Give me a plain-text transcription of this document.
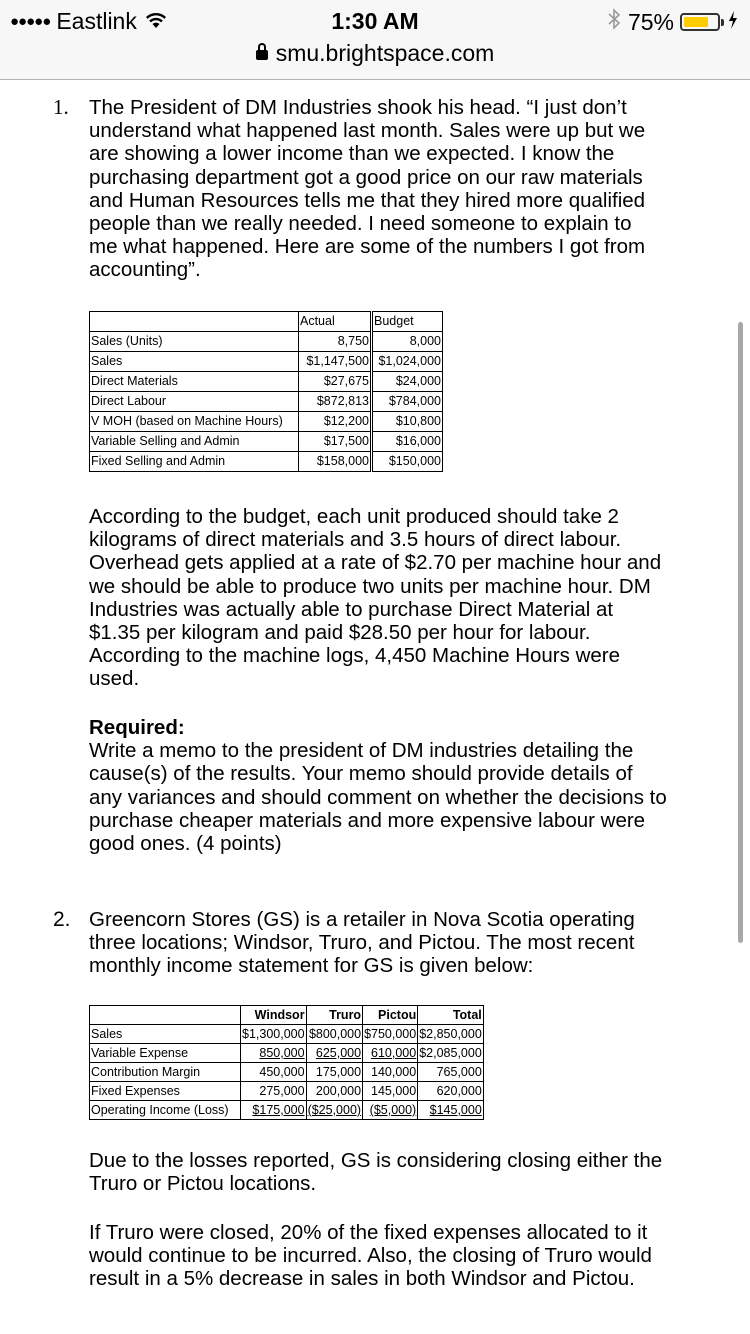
●●●●● Eastlink	1:30 AM	75%
smu.brightspace.com
1. The President of DM Industries shook his head. “I just don’t understand what happened last month. Sales were up but we are showing a lower income than we expected. I know the purchasing department got a good price on our raw materials and Human Resources tells me that they hired more qualified people than we really needed. I need someone to explain to me what happened. Here are some of the numbers I got from accounting”.
	Actual	Budget
Sales (Units)	8,750	8,000
Sales	$1,147,500	$1,024,000
Direct Materials	$27,675	$24,000
Direct Labour	$872,813	$784,000
V MOH (based on Machine Hours)	$12,200	$10,800
Variable Selling and Admin	$17,500	$16,000
Fixed Selling and Admin	$158,000	$150,000
According to the budget, each unit produced should take 2 kilograms of direct materials and 3.5 hours of direct labour. Overhead gets applied at a rate of $2.70 per machine hour and we should be able to produce two units per machine hour. DM Industries was actually able to purchase Direct Material at $1.35 per kilogram and paid $28.50 per hour for labour. According to the machine logs, 4,450 Machine Hours were used.
Required:
Write a memo to the president of DM industries detailing the cause(s) of the results. Your memo should provide details of any variances and should comment on whether the decisions to purchase cheaper materials and more expensive labour were good ones. (4 points)
2. Greencorn Stores (GS) is a retailer in Nova Scotia operating three locations; Windsor, Truro, and Pictou. The most recent monthly income statement for GS is given below:
	Windsor	Truro	Pictou	Total
Sales	$1,300,000	$800,000	$750,000	$2,850,000
Variable Expense	850,000	625,000	610,000	$2,085,000
Contribution Margin	450,000	175,000	140,000	765,000
Fixed Expenses	275,000	200,000	145,000	620,000
Operating Income (Loss)	$175,000	($25,000)	($5,000)	$145,000
Due to the losses reported, GS is considering closing either the Truro or Pictou locations.
If Truro were closed, 20% of the fixed expenses allocated to it would continue to be incurred. Also, the closing of Truro would result in a 5% decrease in sales in both Windsor and Pictou.
